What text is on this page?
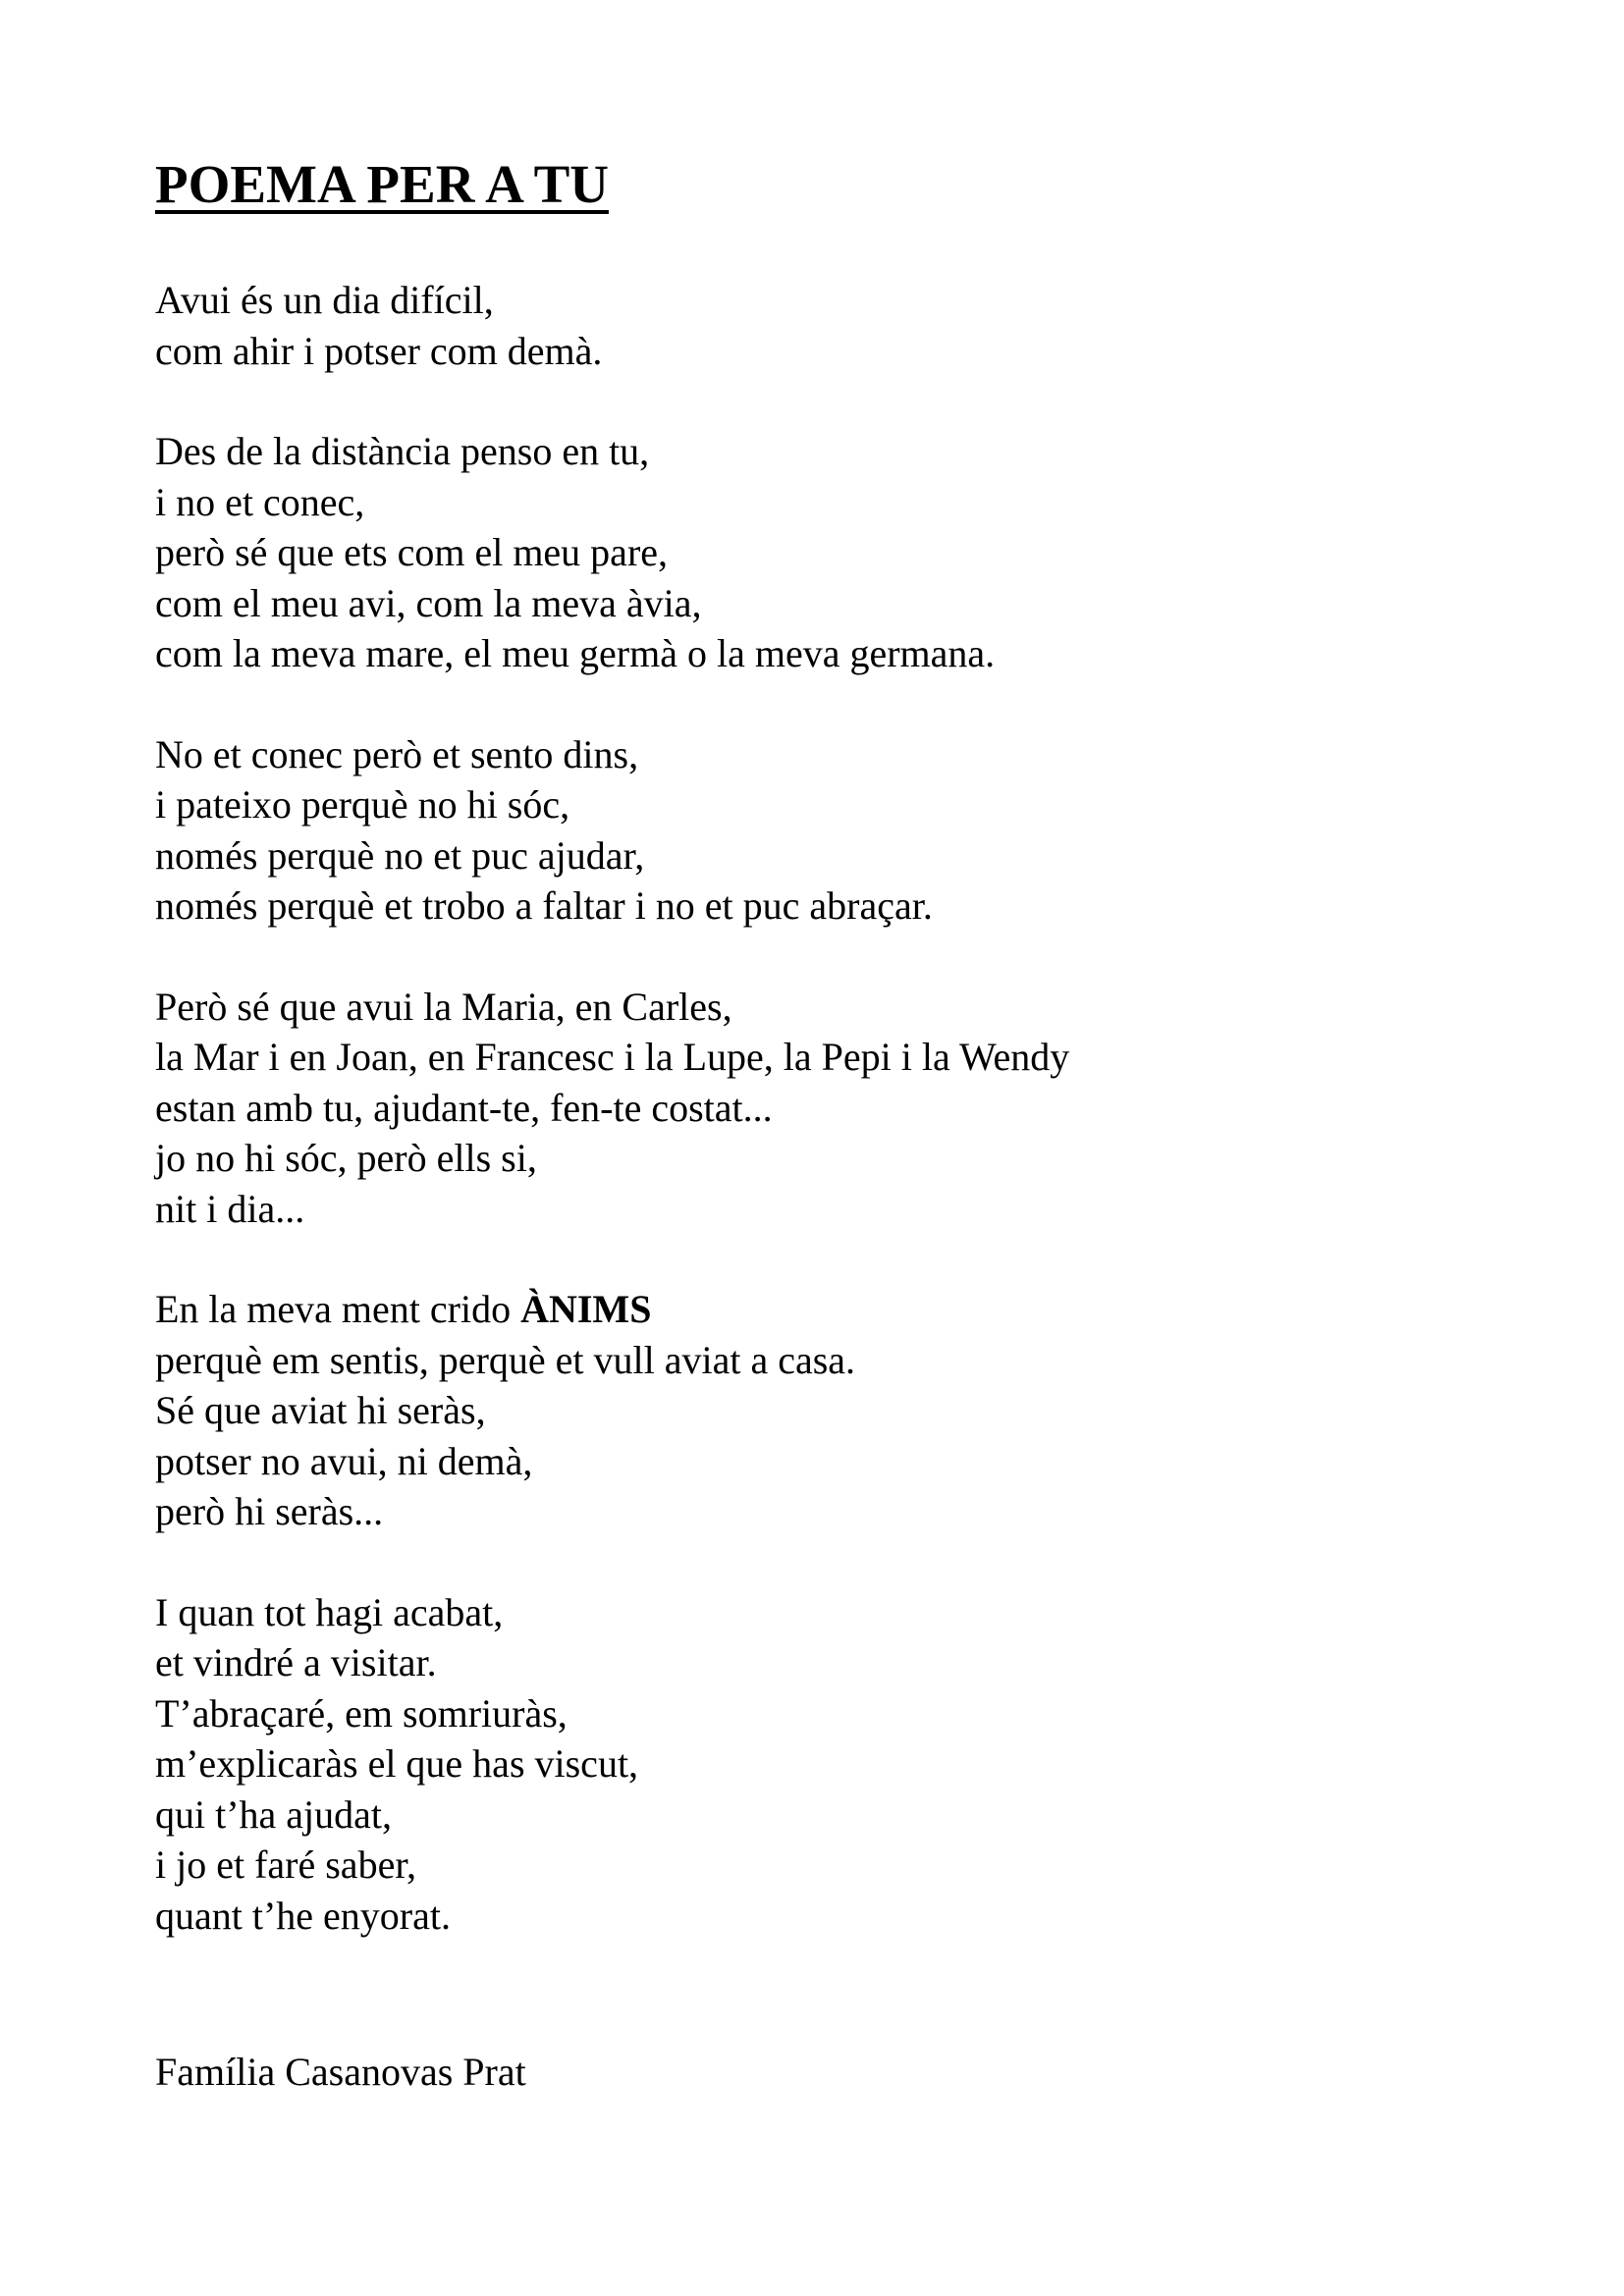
POEMA PER A TU
Avui és un dia difícil,
com ahir i potser com demà.
Des de la distància penso en tu,
i no et conec,
però sé que ets com el meu pare,
com el meu avi, com la meva àvia,
com la meva mare, el meu germà o la meva germana.
No et conec però et sento dins,
i pateixo perquè no hi sóc,
només perquè no et puc ajudar,
només perquè et trobo a faltar i no et puc abraçar.
Però sé que avui la Maria, en Carles,
la Mar i en Joan, en Francesc i la Lupe, la Pepi i la Wendy
estan amb tu, ajudant-te, fen-te costat...
jo no hi sóc, però ells si,
nit i dia...
En la meva ment crido ÀNIMS
perquè em sentis, perquè et vull aviat a casa.
Sé que aviat hi seràs,
potser no avui, ni demà,
però hi seràs...
I quan tot hagi acabat,
et vindré a visitar.
T’abraçaré, em somriuràs,
m’explicaràs el que has viscut,
qui t’ha ajudat,
i jo et faré saber,
quant t’he enyorat.
Família Casanovas Prat
